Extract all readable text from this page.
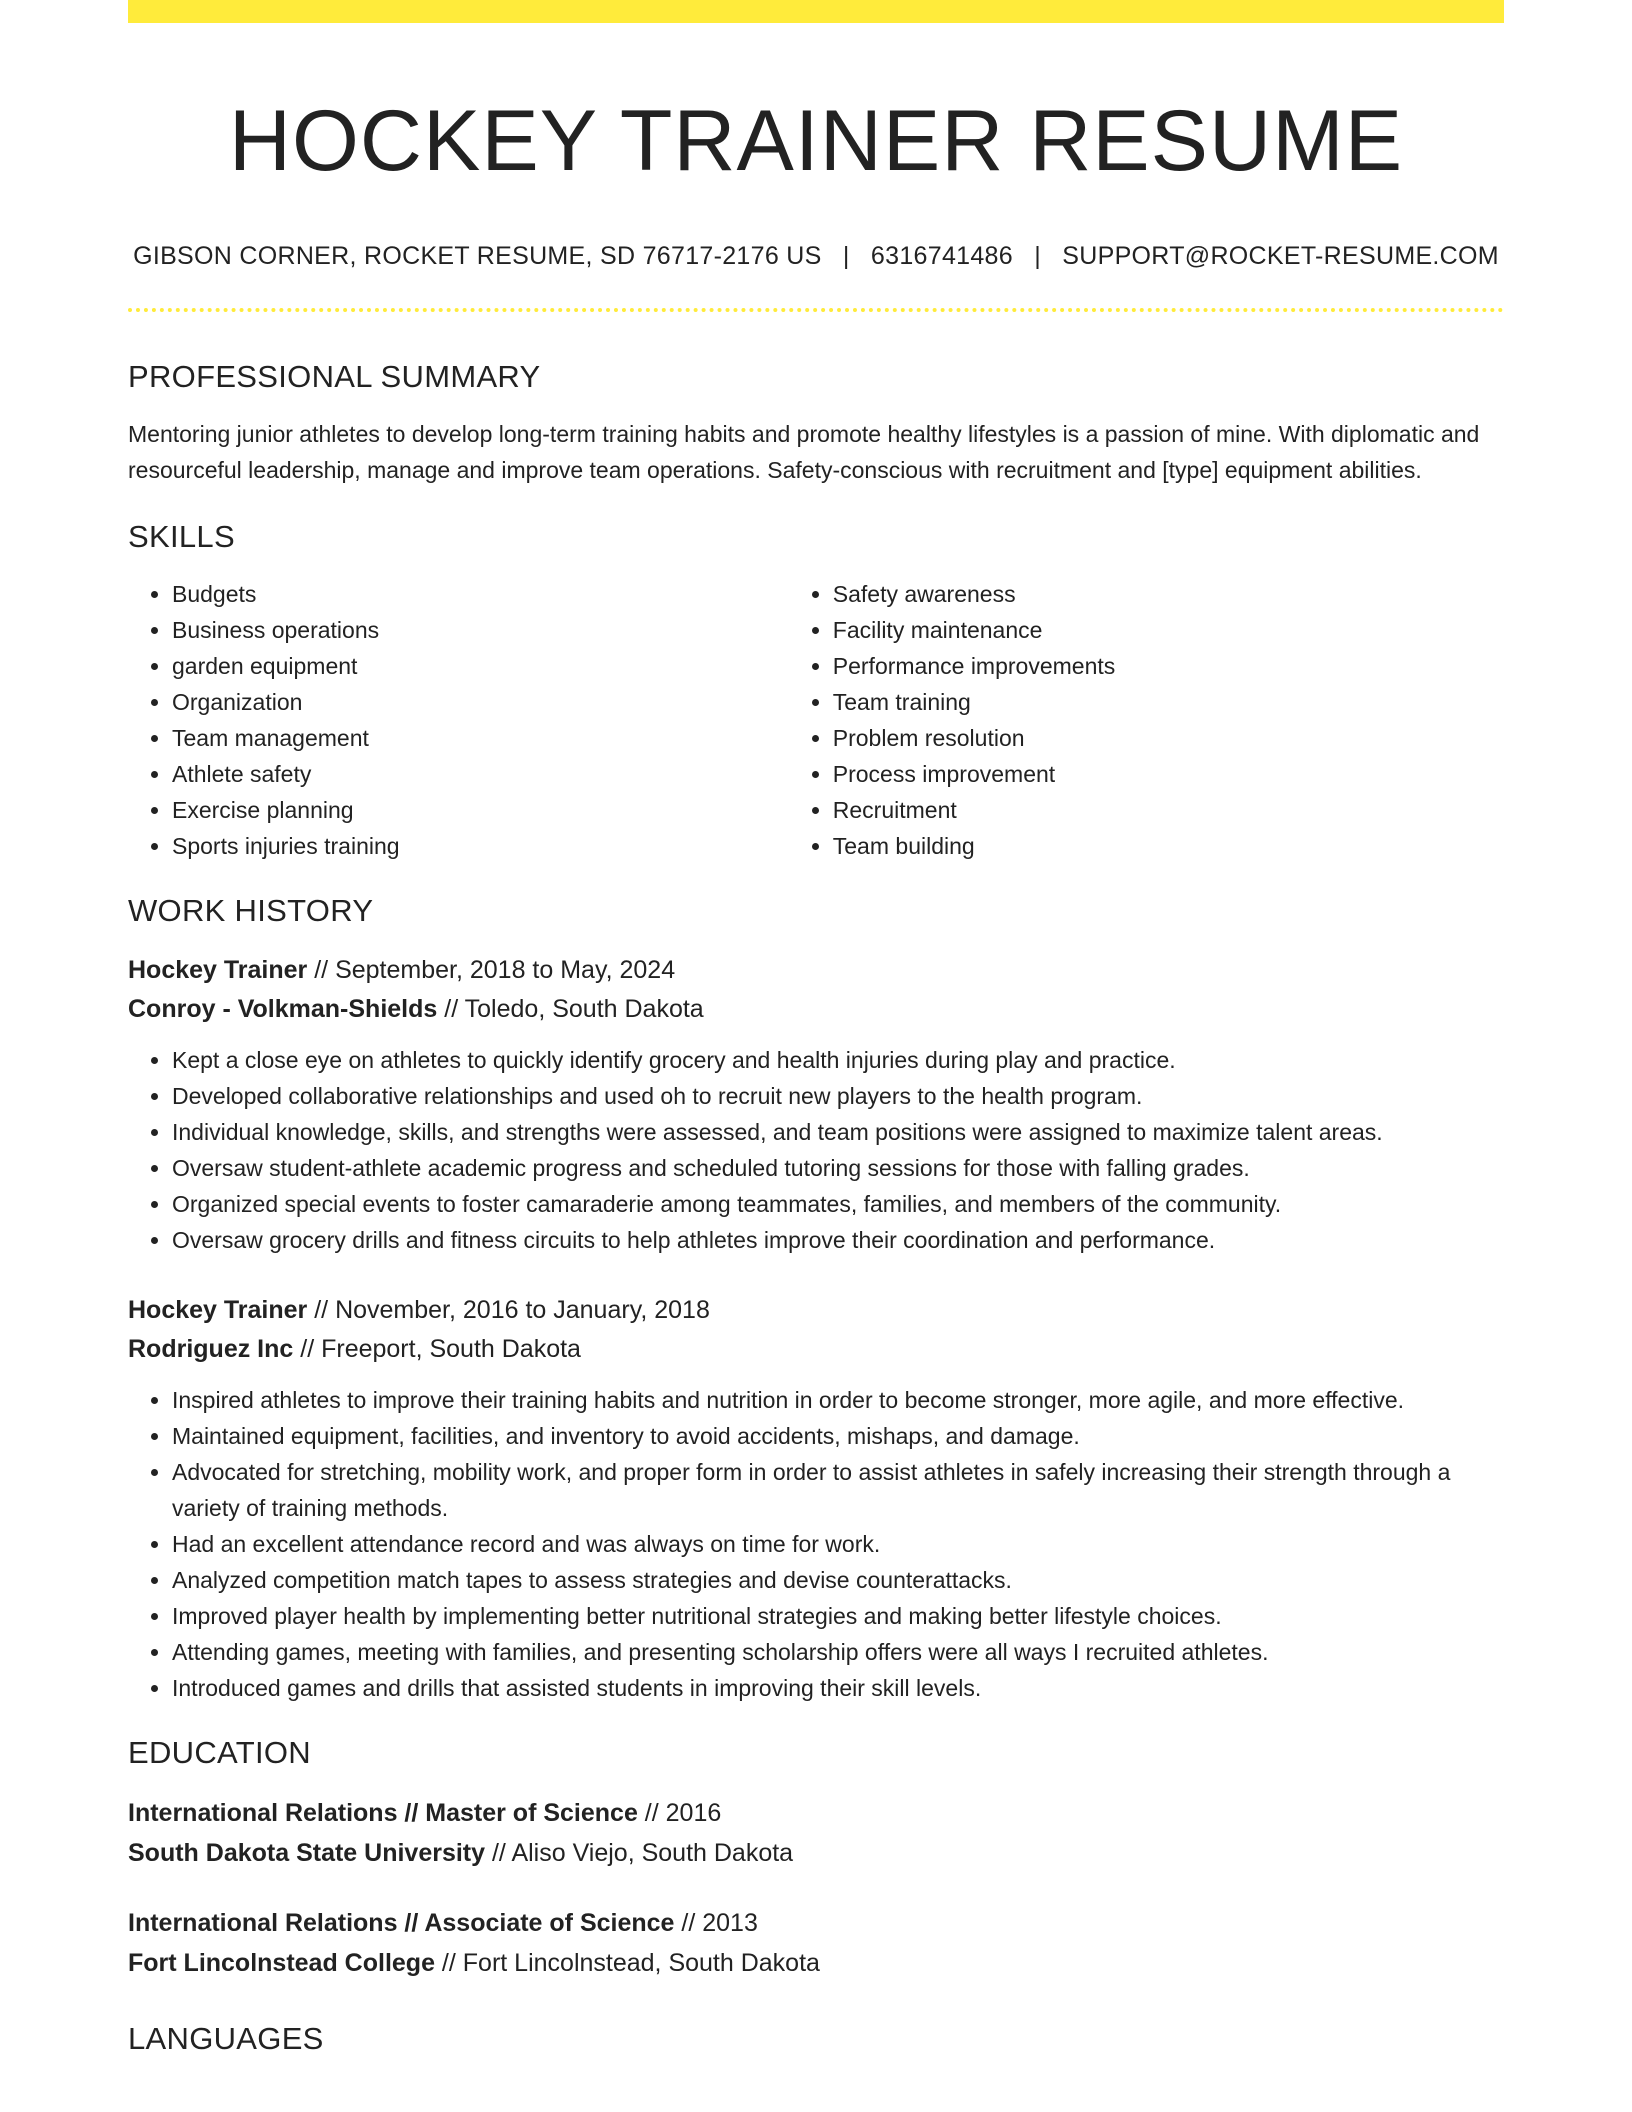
HOCKEY TRAINER RESUME
GIBSON CORNER, ROCKET RESUME, SD 76717-2176 US | 6316741486 | SUPPORT@ROCKET-RESUME.COM
PROFESSIONAL SUMMARY
Mentoring junior athletes to develop long-term training habits and promote healthy lifestyles is a passion of mine. With diplomatic and resourceful leadership, manage and improve team operations. Safety-conscious with recruitment and [type] equipment abilities.
SKILLS
• Budgets
• Business operations
• garden equipment
• Organization
• Team management
• Athlete safety
• Exercise planning
• Sports injuries training
• Safety awareness
• Facility maintenance
• Performance improvements
• Team training
• Problem resolution
• Process improvement
• Recruitment
• Team building
WORK HISTORY
Hockey Trainer // September, 2018 to May, 2024
Conroy - Volkman-Shields // Toledo, South Dakota
• Kept a close eye on athletes to quickly identify grocery and health injuries during play and practice.
• Developed collaborative relationships and used oh to recruit new players to the health program.
• Individual knowledge, skills, and strengths were assessed, and team positions were assigned to maximize talent areas.
• Oversaw student-athlete academic progress and scheduled tutoring sessions for those with falling grades.
• Organized special events to foster camaraderie among teammates, families, and members of the community.
• Oversaw grocery drills and fitness circuits to help athletes improve their coordination and performance.
Hockey Trainer // November, 2016 to January, 2018
Rodriguez Inc // Freeport, South Dakota
• Inspired athletes to improve their training habits and nutrition in order to become stronger, more agile, and more effective.
• Maintained equipment, facilities, and inventory to avoid accidents, mishaps, and damage.
• Advocated for stretching, mobility work, and proper form in order to assist athletes in safely increasing their strength through a variety of training methods.
• Had an excellent attendance record and was always on time for work.
• Analyzed competition match tapes to assess strategies and devise counterattacks.
• Improved player health by implementing better nutritional strategies and making better lifestyle choices.
• Attending games, meeting with families, and presenting scholarship offers were all ways I recruited athletes.
• Introduced games and drills that assisted students in improving their skill levels.
EDUCATION
International Relations // Master of Science // 2016
South Dakota State University // Aliso Viejo, South Dakota
International Relations // Associate of Science // 2013
Fort Lincolnstead College // Fort Lincolnstead, South Dakota
LANGUAGES
